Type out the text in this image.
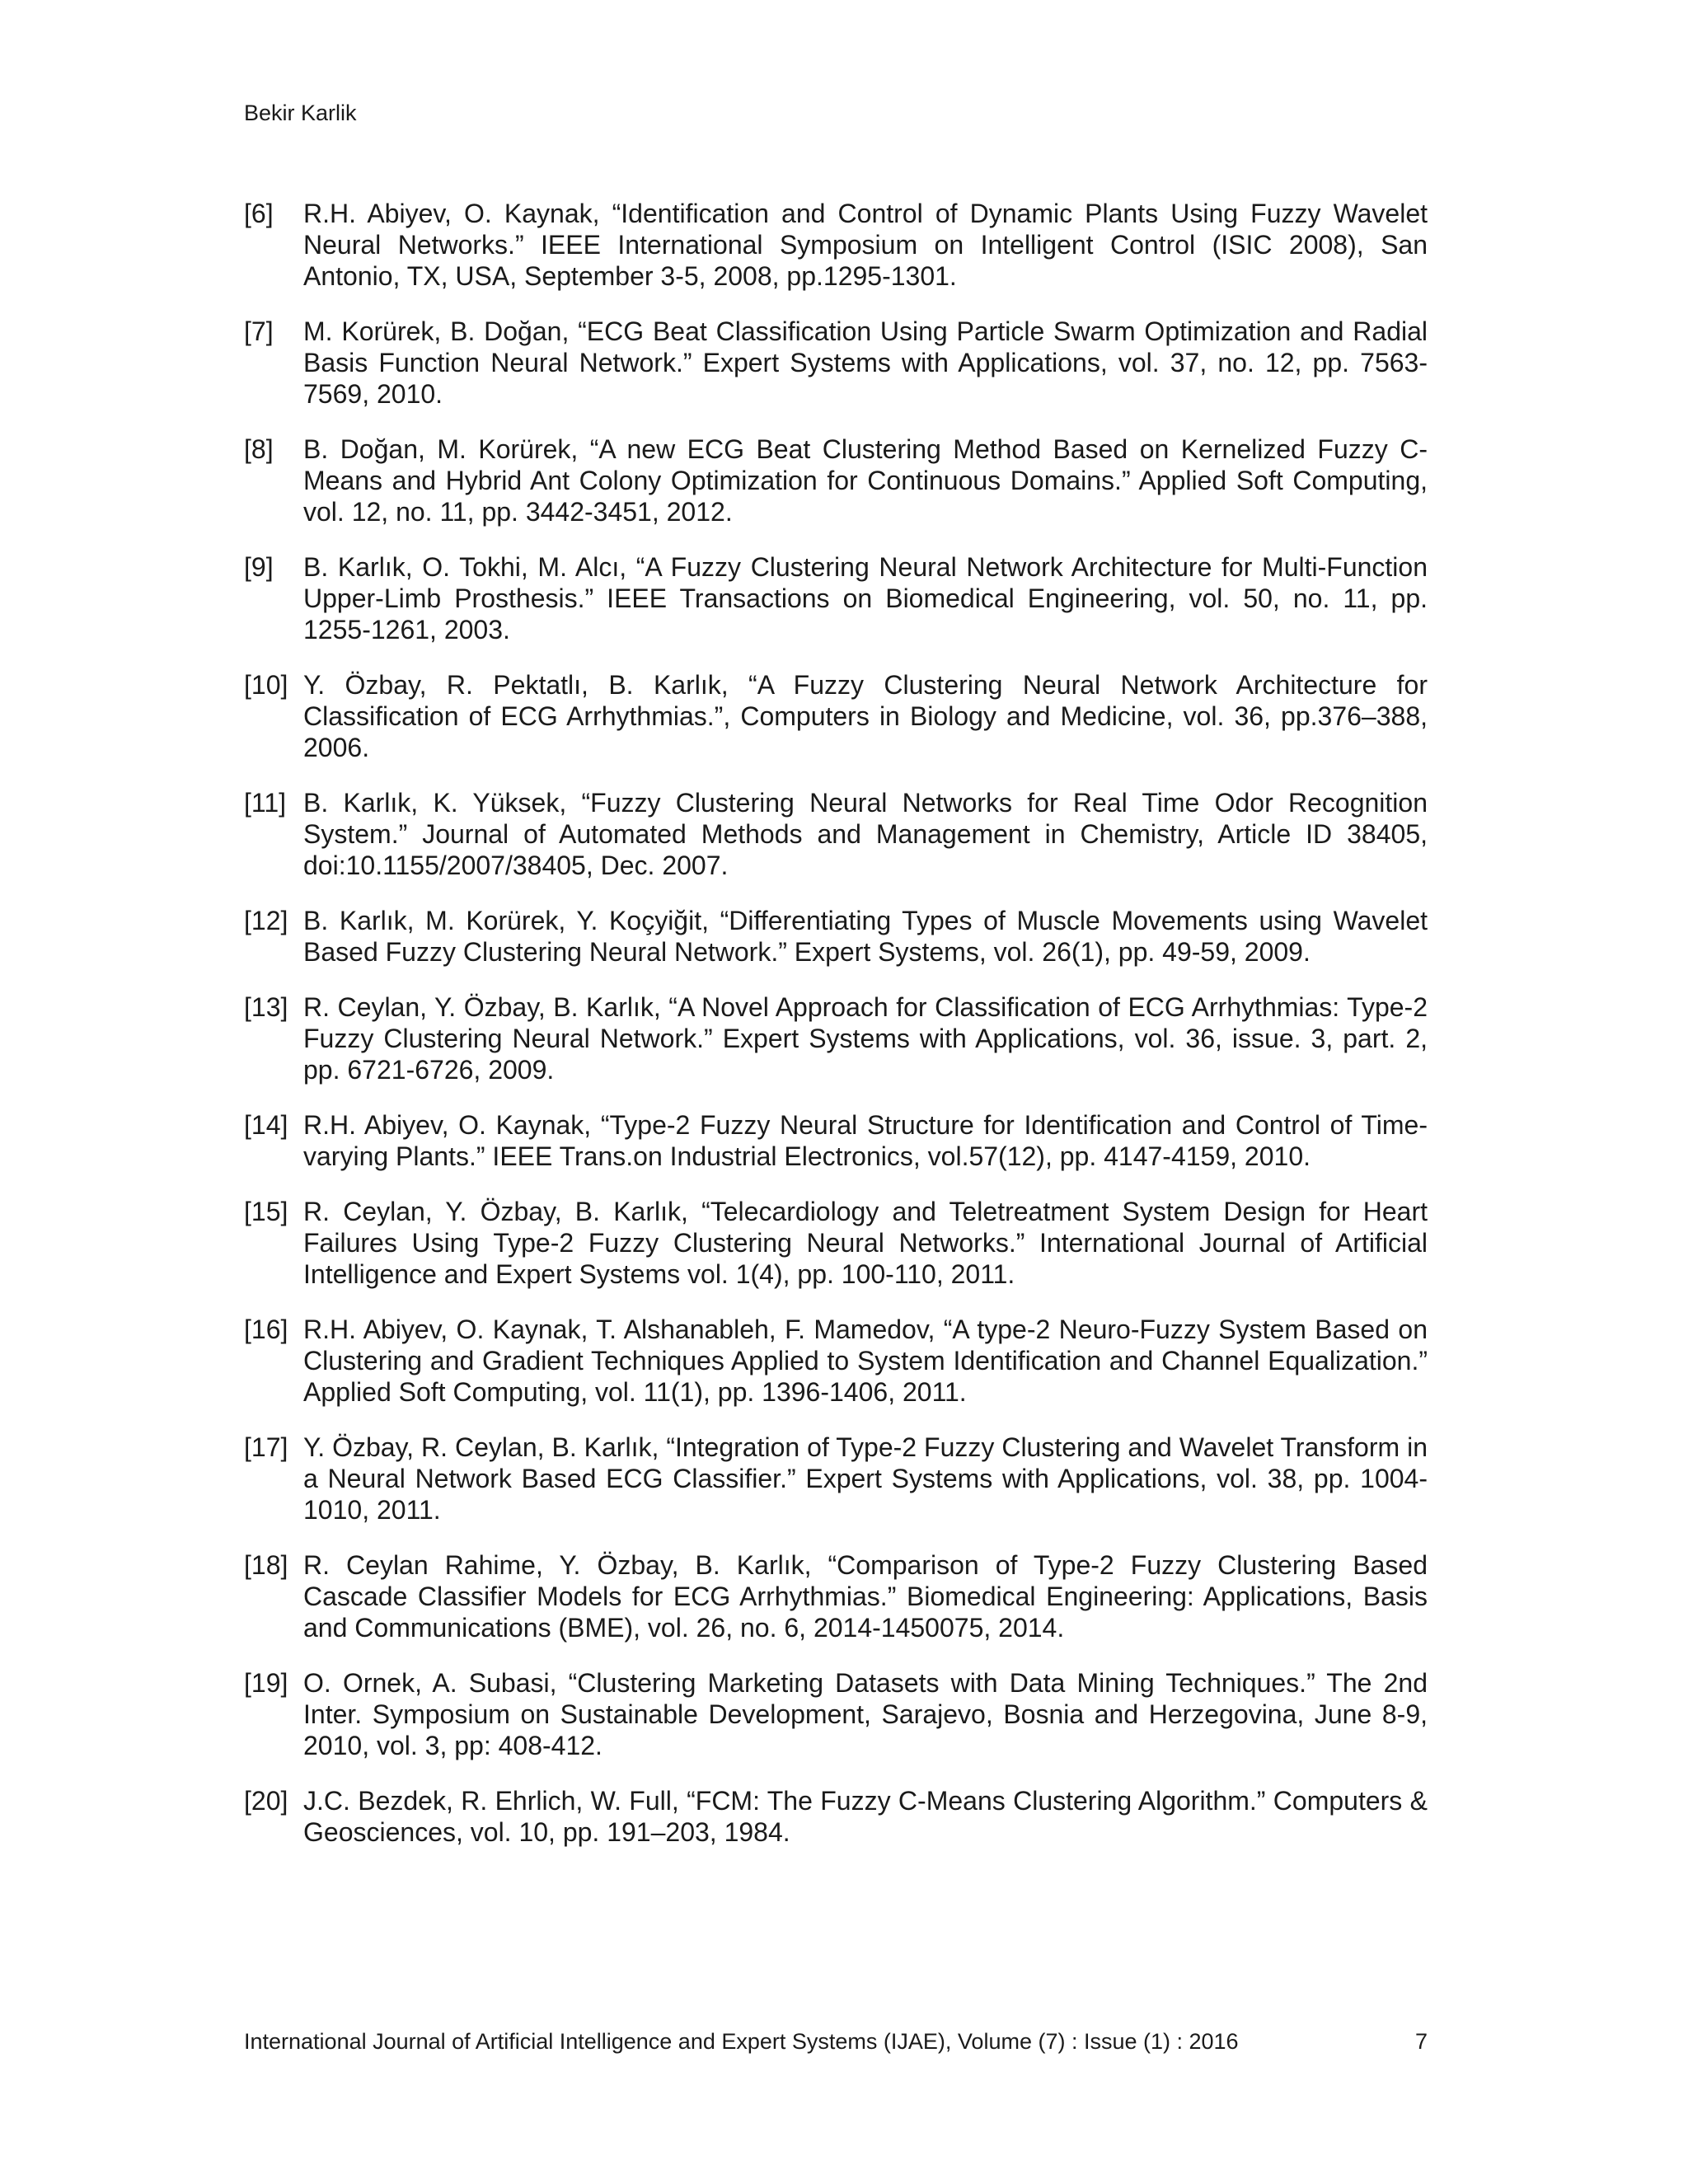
Bekir Karlik
[6]	R.H. Abiyev, O. Kaynak, “Identification and Control of Dynamic Plants Using Fuzzy Wavelet Neural Networks.” IEEE International Symposium on Intelligent Control (ISIC 2008), San Antonio, TX, USA, September 3-5, 2008, pp.1295-1301.
[7]	M. Korürek, B. Doğan, “ECG Beat Classification Using Particle Swarm Optimization and Radial Basis Function Neural Network.” Expert Systems with Applications, vol. 37, no. 12, pp. 7563-7569, 2010.
[8]	B. Doğan, M. Korürek, “A new ECG Beat Clustering Method Based on Kernelized Fuzzy C-Means and Hybrid Ant Colony Optimization for Continuous Domains.” Applied Soft Computing, vol. 12, no. 11, pp. 3442-3451, 2012.
[9]	B. Karlık, O. Tokhi, M. Alcı, “A Fuzzy Clustering Neural Network Architecture for Multi-Function Upper-Limb Prosthesis.” IEEE Transactions on Biomedical Engineering, vol. 50, no. 11, pp. 1255-1261, 2003.
[10] Y. Özbay, R. Pektatlı, B. Karlık, “A Fuzzy Clustering Neural Network Architecture for Classification of ECG Arrhythmias.”, Computers in Biology and Medicine, vol. 36, pp.376–388, 2006.
[11] B. Karlık, K. Yüksek, “Fuzzy Clustering Neural Networks for Real Time Odor Recognition System.” Journal of Automated Methods and Management in Chemistry, Article ID 38405, doi:10.1155/2007/38405, Dec. 2007.
[12] B. Karlık, M. Korürek, Y. Koçyiğit, “Differentiating Types of Muscle Movements using Wavelet Based Fuzzy Clustering Neural Network.” Expert Systems, vol. 26(1), pp. 49-59, 2009.
[13] R. Ceylan, Y. Özbay, B. Karlık, “A Novel Approach for Classification of ECG Arrhythmias: Type-2 Fuzzy Clustering Neural Network.” Expert Systems with Applications, vol. 36, issue. 3, part. 2, pp. 6721-6726, 2009.
[14] R.H. Abiyev, O. Kaynak, “Type-2 Fuzzy Neural Structure for Identification and Control of Time-varying Plants.” IEEE Trans.on Industrial Electronics, vol.57(12), pp. 4147-4159, 2010.
[15] R. Ceylan, Y. Özbay, B. Karlık, “Telecardiology and Teletreatment System Design for Heart Failures Using Type-2 Fuzzy Clustering Neural Networks.” International Journal of Artificial Intelligence and Expert Systems vol. 1(4), pp. 100-110, 2011.
[16] R.H. Abiyev, O. Kaynak, T. Alshanableh, F. Mamedov, “A type-2 Neuro-Fuzzy System Based on Clustering and Gradient Techniques Applied to System Identification and Channel Equalization.” Applied Soft Computing, vol. 11(1), pp. 1396-1406, 2011.
[17] Y. Özbay, R. Ceylan, B. Karlık, “Integration of Type-2 Fuzzy Clustering and Wavelet Transform in a Neural Network Based ECG Classifier.” Expert Systems with Applications, vol. 38, pp. 1004-1010, 2011.
[18] R. Ceylan Rahime, Y. Özbay, B. Karlık, “Comparison of Type-2 Fuzzy Clustering Based Cascade Classifier Models for ECG Arrhythmias.” Biomedical Engineering: Applications, Basis and Communications (BME), vol. 26, no. 6, 2014-1450075, 2014.
[19] O. Ornek, A. Subasi, “Clustering Marketing Datasets with Data Mining Techniques.” The 2nd Inter. Symposium on Sustainable Development, Sarajevo, Bosnia and Herzegovina, June 8-9, 2010, vol. 3, pp: 408-412.
[20] J.C. Bezdek, R. Ehrlich, W. Full, “FCM: The Fuzzy C-Means Clustering Algorithm.” Computers & Geosciences, vol. 10, pp. 191–203, 1984.
International Journal of Artificial Intelligence and Expert Systems (IJAE), Volume (7) : Issue (1) : 2016	7
